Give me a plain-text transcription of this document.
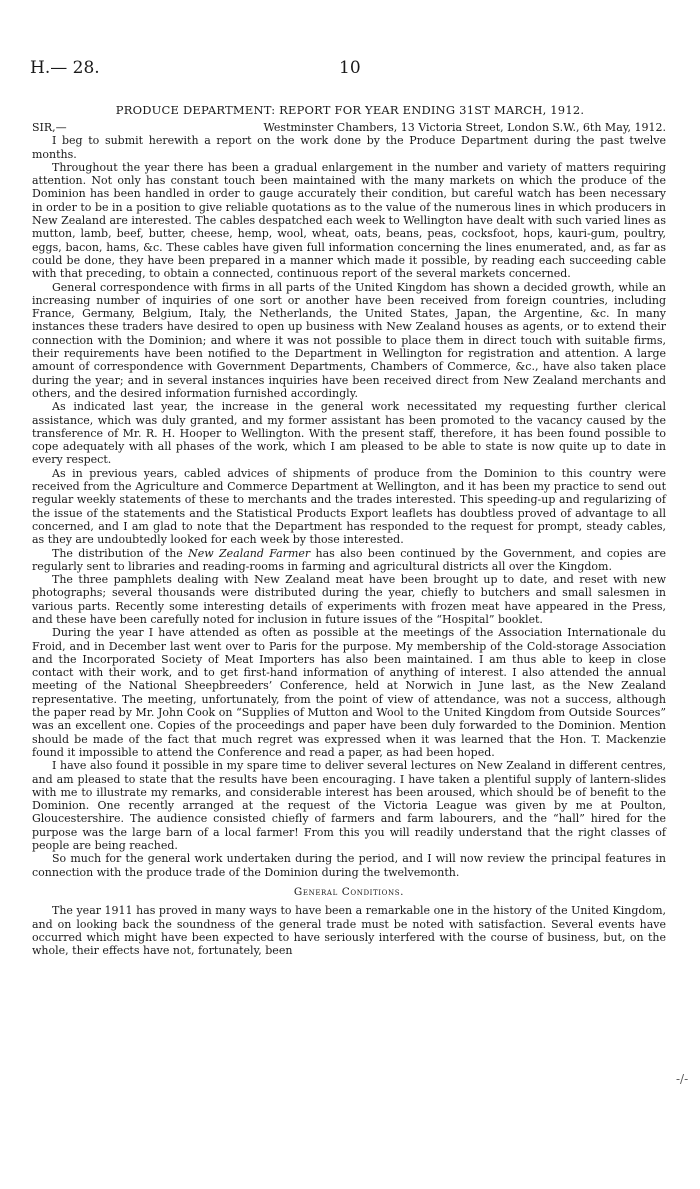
H.— 28.	10
PRODUCE DEPARTMENT: REPORT FOR YEAR ENDING 31ST MARCH, 1912.
SIR,—	Westminster Chambers, 13 Victoria Street, London S.W., 6th May, 1912.

I beg to submit herewith a report on the work done by the Produce Department during the past twelve months.

Throughout the year there has been a gradual enlargement in the number and variety of matters requiring attention. Not only has constant touch been maintained with the many markets on which the produce of the Dominion has been handled in order to gauge accurately their condition, but careful watch has been necessary in order to be in a position to give reliable quotations as to the value of the numerous lines in which producers in New Zealand are interested. The cables despatched each week to Wellington have dealt with such varied lines as mutton, lamb, beef, butter, cheese, hemp, wool, wheat, oats, beans, peas, cocksfoot, hops, kauri-gum, poultry, eggs, bacon, hams, &c. These cables have given full information concerning the lines enumerated, and, as far as could be done, they have been prepared in a manner which made it possible, by reading each succeeding cable with that preceding, to obtain a connected, continuous report of the several markets concerned.

General correspondence with firms in all parts of the United Kingdom has shown a decided growth, while an increasing number of inquiries of one sort or another have been received from foreign countries, including France, Germany, Belgium, Italy, the Netherlands, the United States, Japan, the Argentine, &c. In many instances these traders have desired to open up business with New Zealand houses as agents, or to extend their connection with the Dominion; and where it was not possible to place them in direct touch with suitable firms, their requirements have been notified to the Department in Wellington for registration and attention. A large amount of correspondence with Government Departments, Chambers of Commerce, &c., have also taken place during the year; and in several instances inquiries have been received direct from New Zealand merchants and others, and the desired information furnished accordingly.

As indicated last year, the increase in the general work necessitated my requesting further clerical assistance, which was duly granted, and my former assistant has been promoted to the vacancy caused by the transference of Mr. R. H. Hooper to Wellington. With the present staff, therefore, it has been found possible to cope adequately with all phases of the work, which I am pleased to be able to state is now quite up to date in every respect.

As in previous years, cabled advices of shipments of produce from the Dominion to this country were received from the Agriculture and Commerce Department at Wellington, and it has been my practice to send out regular weekly statements of these to merchants and the trades interested. This speeding-up and regularizing of the issue of the statements and the Statistical Products Export leaflets has doubtless proved of advantage to all concerned, and I am glad to note that the Department has responded to the request for prompt, steady cables, as they are undoubtedly looked for each week by those interested.

The distribution of the New Zealand Farmer has also been continued by the Government, and copies are regularly sent to libraries and reading-rooms in farming and agricultural districts all over the Kingdom.

The three pamphlets dealing with New Zealand meat have been brought up to date, and reset with new photographs; several thousands were distributed during the year, chiefly to butchers and small salesmen in various parts. Recently some interesting details of experiments with frozen meat have appeared in the Press, and these have been carefully noted for inclusion in future issues of the “Hospital” booklet.

During the year I have attended as often as possible at the meetings of the Association Internationale du Froid, and in December last went over to Paris for the purpose. My membership of the Cold-storage Association and the Incorporated Society of Meat Importers has also been maintained. I am thus able to keep in close contact with their work, and to get first-hand information of anything of interest. I also attended the annual meeting of the National Sheepbreeders’ Conference, held at Norwich in June last, as the New Zealand representative. The meeting, unfortunately, from the point of view of attendance, was not a success, although the paper read by Mr. John Cook on “Supplies of Mutton and Wool to the United Kingdom from Outside Sources” was an excellent one. Copies of the proceedings and paper have been duly forwarded to the Dominion. Mention should be made of the fact that much regret was expressed when it was learned that the Hon. T. Mackenzie found it impossible to attend the Conference and read a paper, as had been hoped.

I have also found it possible in my spare time to deliver several lectures on New Zealand in different centres, and am pleased to state that the results have been encouraging. I have taken a plentiful supply of lantern-slides with me to illustrate my remarks, and considerable interest has been aroused, which should be of benefit to the Dominion. One recently arranged at the request of the Victoria League was given by me at Poulton, Gloucestershire. The audience consisted chiefly of farmers and farm labourers, and the “hall” hired for the purpose was the large barn of a local farmer! From this you will readily understand that the right classes of people are being reached.

So much for the general work undertaken during the period, and I will now review the principal features in connection with the produce trade of the Dominion during the twelvemonth.

General Conditions.

The year 1911 has proved in many ways to have been a remarkable one in the history of the United Kingdom, and on looking back the soundness of the general trade must be noted with satisfaction. Several events have occurred which might have been expected to have seriously interfered with the course of business, but, on the whole, their effects have not, fortunately, been

-/-
